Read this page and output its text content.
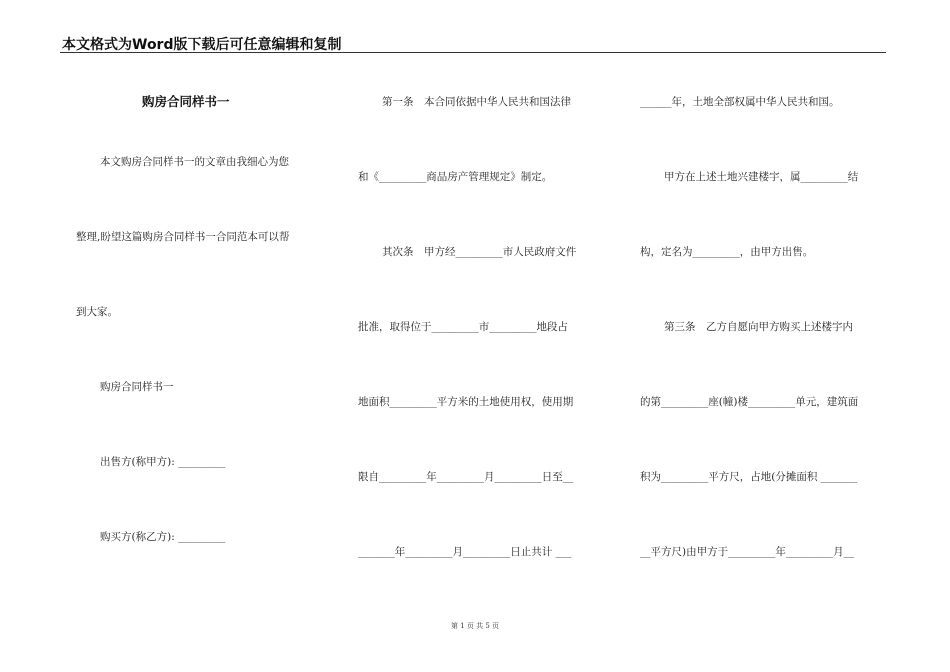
本文格式为Word版下载后可任意编辑和复制
购房合同样书一
本文购房合同样书一的文章由我细心为您
整理,盼望这篇购房合同样书一合同范本可以帮
到大家。
购房合同样书一
出售方(称甲方): _________
购买方(称乙方): _________
第一条　本合同依据中华人民共和国法律
和《_________商品房产管理规定》制定。
其次条　甲方经_________市人民政府文件
批准，取得位于_________市_________地段占
地面积_________平方米的土地使用权，使用期
限自_________年_________月_________日至__
_______年_________月_________日止共计 ___
______年，土地全部权属中华人民共和国。
甲方在上述土地兴建楼宇，属_________结
构，定名为_________，由甲方出售。
第三条　乙方自愿向甲方购买上述楼宇内
的第_________座(幢)楼_________单元，建筑面
积为_________平方尺，占地(分摊面积 _______
__平方尺)由甲方于_________年_________月__
第 1 页 共 5 页
